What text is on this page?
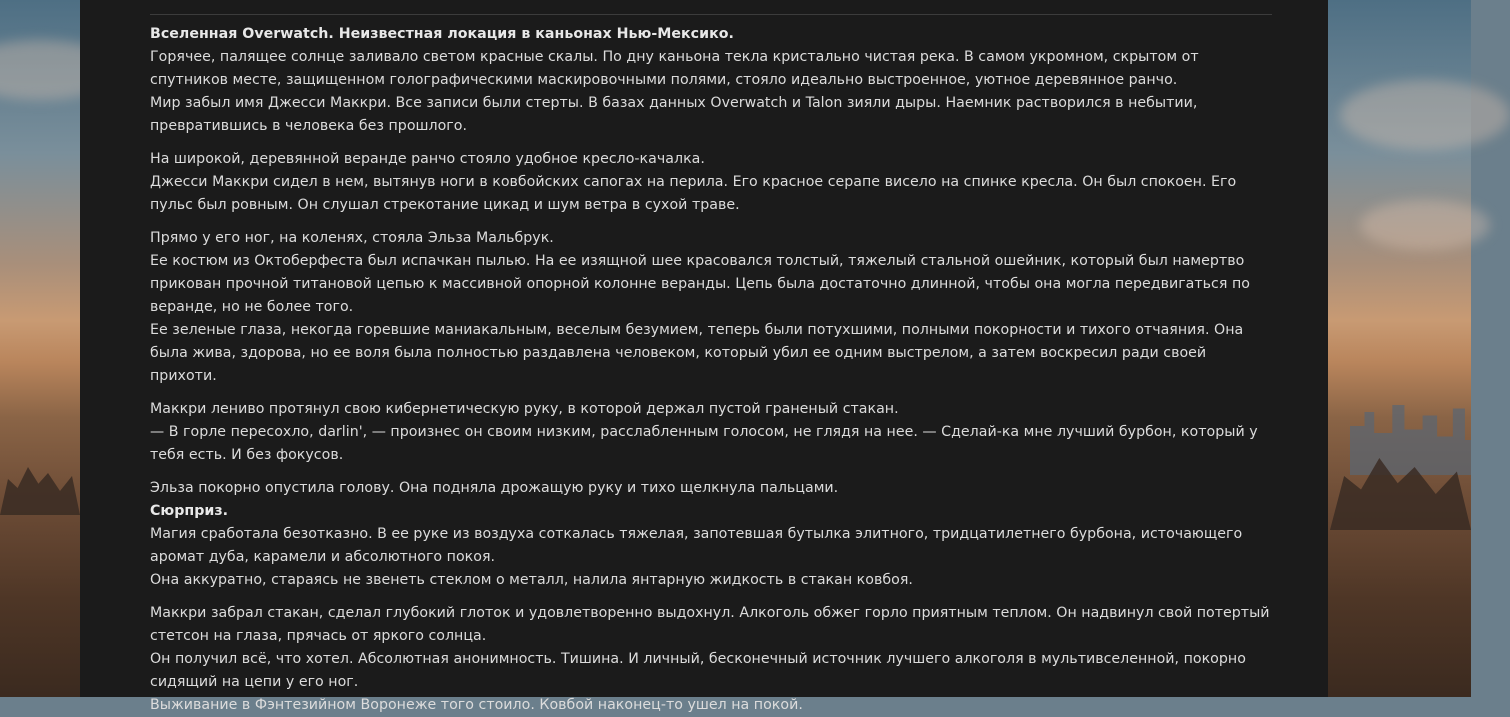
Вселенная Overwatch. Неизвестная локация в каньонах Нью-Мексико.
Горячее, палящее солнце заливало светом красные скалы. По дну каньона текла кристально чистая река. В самом укромном, скрытом от спутников месте, защищенном голографическими маскировочными полями, стояло идеально выстроенное, уютное деревянное ранчо.
Мир забыл имя Джесси Маккри. Все записи были стерты. В базах данных Overwatch и Talon зияли дыры. Наемник растворился в небытии, превратившись в человека без прошлого.

На широкой, деревянной веранде ранчо стояло удобное кресло-качалка.
Джесси Маккри сидел в нем, вытянув ноги в ковбойских сапогах на перила. Его красное серапе висело на спинке кресла. Он был спокоен. Его пульс был ровным. Он слушал стрекотание цикад и шум ветра в сухой траве.

Прямо у его ног, на коленях, стояла Эльза Мальбрук.
Ее костюм из Октоберфеста был испачкан пылью. На ее изящной шее красовался толстый, тяжелый стальной ошейник, который был намертво прикован прочной титановой цепью к массивной опорной колонне веранды. Цепь была достаточно длинной, чтобы она могла передвигаться по веранде, но не более того.
Ее зеленые глаза, некогда горевшие маниакальным, веселым безумием, теперь были потухшими, полными покорности и тихого отчаяния. Она была жива, здорова, но ее воля была полностью раздавлена человеком, который убил ее одним выстрелом, а затем воскресил ради своей прихоти.

Маккри лениво протянул свою кибернетическую руку, в которой держал пустой граненый стакан.
— В горле пересохло, darlin', — произнес он своим низким, расслабленным голосом, не глядя на нее. — Сделай-ка мне лучший бурбон, который у тебя есть. И без фокусов.

Эльза покорно опустила голову. Она подняла дрожащую руку и тихо щелкнула пальцами.
Сюрприз.
Магия сработала безотказно. В ее руке из воздуха соткалась тяжелая, запотевшая бутылка элитного, тридцатилетнего бурбона, источающего аромат дуба, карамели и абсолютного покоя.
Она аккуратно, стараясь не звенеть стеклом о металл, налила янтарную жидкость в стакан ковбоя.

Маккри забрал стакан, сделал глубокий глоток и удовлетворенно выдохнул. Алкоголь обжег горло приятным теплом. Он надвинул свой потертый стетсон на глаза, прячась от яркого солнца.
Он получил всё, что хотел. Абсолютная анонимность. Тишина. И личный, бесконечный источник лучшего алкоголя в мультивселенной, покорно сидящий на цепи у его ног.
Выживание в Фэнтезийном Воронеже того стоило. Ковбой наконец-то ушел на покой.
